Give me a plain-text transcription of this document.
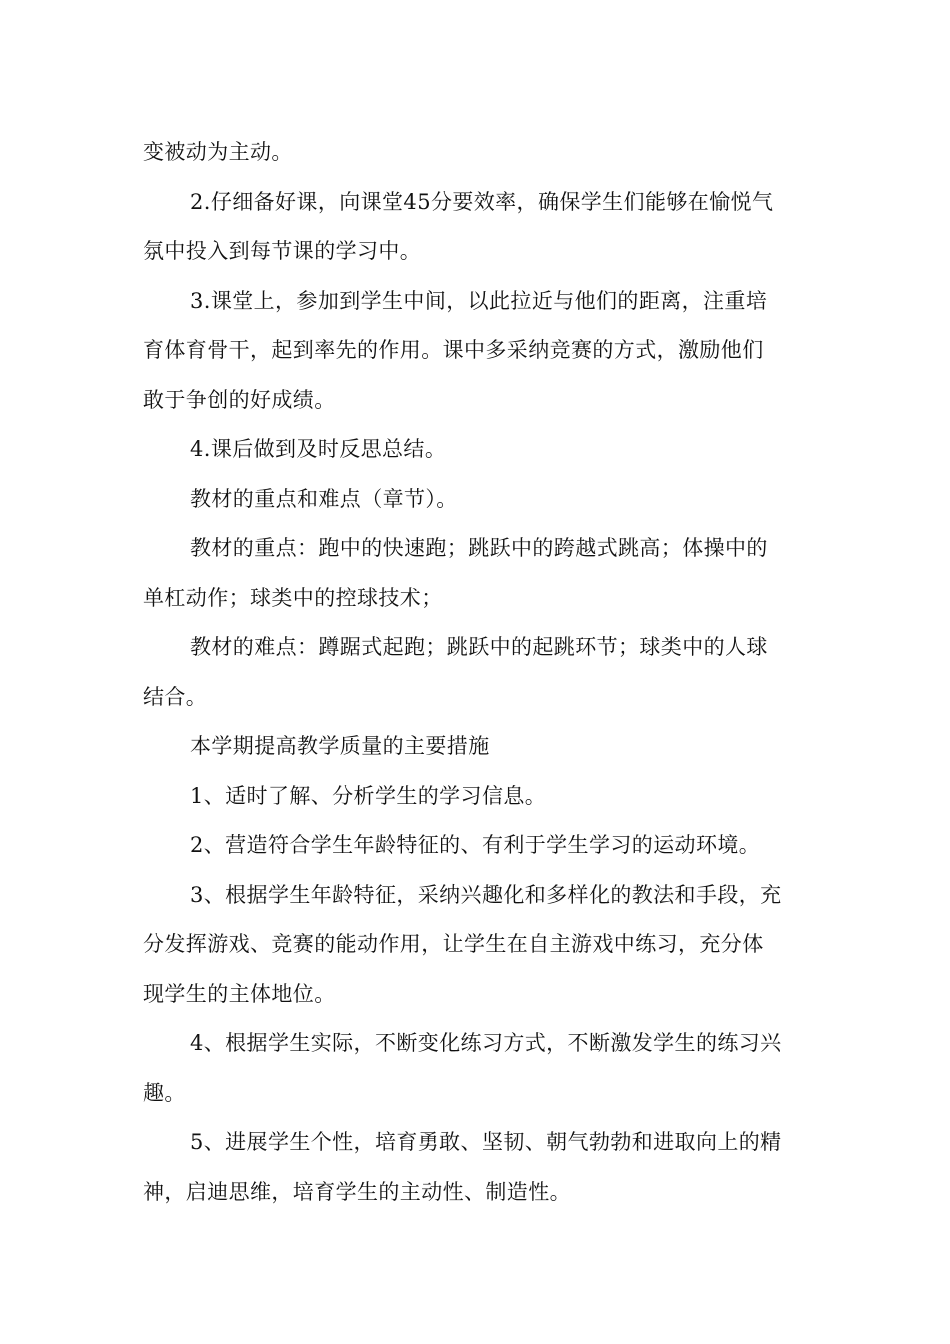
变被动为主动。

2.仔细备好课，向课堂45分要效率，确保学生们能够在愉悦气

氛中投入到每节课的学习中。

3.课堂上，参加到学生中间，以此拉近与他们的距离，注重培

育体育骨干，起到率先的作用。课中多采纳竞赛的方式，激励他们

敢于争创的好成绩。

4.课后做到及时反思总结。

教材的重点和难点（章节）。

教材的重点：跑中的快速跑；跳跃中的跨越式跳高；体操中的

单杠动作；球类中的控球技术；

教材的难点：蹲踞式起跑；跳跃中的起跳环节；球类中的人球

结合。

本学期提高教学质量的主要措施

1、适时了解、分析学生的学习信息。

2、营造符合学生年龄特征的、有利于学生学习的运动环境。

3、根据学生年龄特征，采纳兴趣化和多样化的教法和手段，充

分发挥游戏、竞赛的能动作用，让学生在自主游戏中练习，充分体

现学生的主体地位。

4、根据学生实际，不断变化练习方式，不断激发学生的练习兴

趣。

5、进展学生个性，培育勇敢、坚韧、朝气勃勃和进取向上的精

神，启迪思维，培育学生的主动性、制造性。
